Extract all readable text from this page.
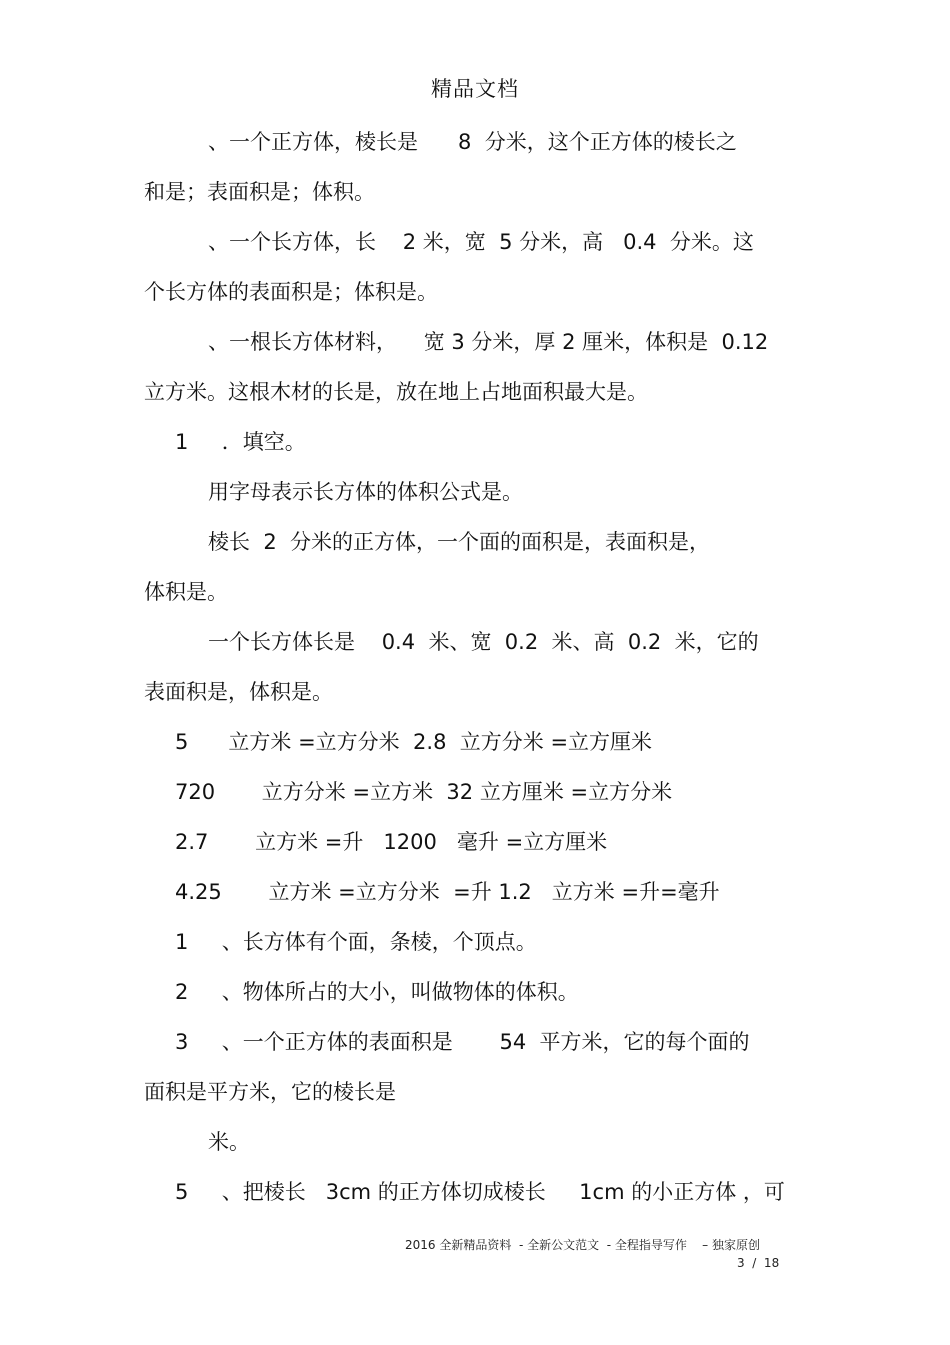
精品文档
、一个正方体，棱长是      8  分米，这个正方体的棱长之
和是；表面积是；体积。
、一个长方体，长    2 米，宽  5 分米，高   0.4  分米。这
个长方体的表面积是；体积是。
、一根长方体材料，    宽 3 分米，厚 2 厘米，体积是  0.12
立方米。这根木材的长是，放在地上占地面积最大是。
1     ．填空。
用字母表示长方体的体积公式是。
棱长  2  分米的正方体，一个面的面积是，表面积是，
体积是。
一个长方体长是    0.4  米、宽  0.2  米、高  0.2  米，它的
表面积是，体积是。
5      立方米 =立方分米  2.8  立方分米 =立方厘米
720       立方分米 =立方米  32 立方厘米 =立方分米
2.7       立方米 =升   1200   毫升 =立方厘米
4.25       立方米 =立方分米  =升 1.2   立方米 =升=毫升
1     、长方体有个面，条棱，个顶点。
2     、物体所占的大小，叫做物体的体积。
3     、一个正方体的表面积是       54  平方米，它的每个面的
面积是平方米，它的棱长是
米。
5     、把棱长   3cm 的正方体切成棱长     1cm 的小正方体 ，可
2016 全新精品资料  - 全新公文范文  - 全程指导写作    – 独家原创
3  /  18
